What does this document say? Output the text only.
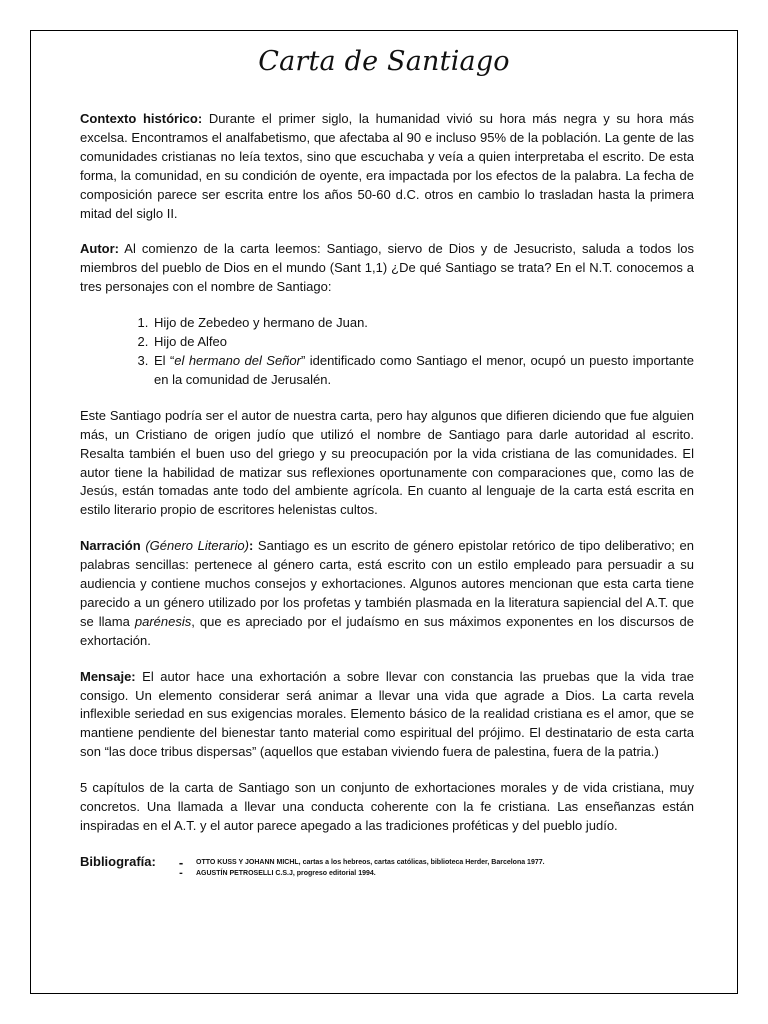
Carta de Santiago

Contexto histórico: Durante el primer siglo, la humanidad vivió su hora más negra y su hora más excelsa. Encontramos el analfabetismo, que afectaba al 90 e incluso 95% de la población. La gente de las comunidades cristianas no leía textos, sino que escuchaba y veía a quien interpretaba el escrito. De esta forma, la comunidad, en su condición de oyente, era impactada por los efectos de la palabra. La fecha de composición parece ser escrita entre los años 50-60 d.C. otros en cambio lo trasladan hasta la primera mitad del siglo II.

Autor: Al comienzo de la carta leemos: Santiago, siervo de Dios y de Jesucristo, saluda a todos los miembros del pueblo de Dios en el mundo (Sant 1,1) ¿De qué Santiago se trata? En el N.T. conocemos a tres personajes con el nombre de Santiago:

1. Hijo de Zebedeo y hermano de Juan.
2. Hijo de Alfeo
3. El “el hermano del Señor” identificado como Santiago el menor, ocupó un puesto importante en la comunidad de Jerusalén.

Este Santiago podría ser el autor de nuestra carta, pero hay algunos que difieren diciendo que fue alguien más, un Cristiano de origen judío que utilizó el nombre de Santiago para darle autoridad al escrito. Resalta también el buen uso del griego y su preocupación por la vida cristiana de las comunidades. El autor tiene la habilidad de matizar sus reflexiones oportunamente con comparaciones que, como las de Jesús, están tomadas ante todo del ambiente agrícola. En cuanto al lenguaje de la carta está escrita en estilo literario propio de escritores helenistas cultos.

Narración (Género Literario): Santiago es un escrito de género epistolar retórico de tipo deliberativo; en palabras sencillas: pertenece al género carta, está escrito con un estilo empleado para persuadir a su audiencia y contiene muchos consejos y exhortaciones. Algunos autores mencionan que esta carta tiene parecido a un género utilizado por los profetas y también plasmada en la literatura sapiencial del A.T. que se llama parénesis, que es apreciado por el judaísmo en sus máximos exponentes en los discursos de exhortación.

Mensaje: El autor hace una exhortación a sobre llevar con constancia las pruebas que la vida trae consigo. Un elemento considerar será animar a llevar una vida que agrade a Dios. La carta revela inflexible seriedad en sus exigencias morales. Elemento básico de la realidad cristiana es el amor, que se mantiene pendiente del bienestar tanto material como espiritual del prójimo. El destinatario de esta carta son “las doce tribus dispersas” (aquellos que estaban viviendo fuera de palestina, fuera de la patria.)

5 capítulos de la carta de Santiago son un conjunto de exhortaciones morales y de vida cristiana, muy concretos. Una llamada a llevar una conducta coherente con la fe cristiana. Las enseñanzas están inspiradas en el A.T. y el autor parece apegado a las tradiciones proféticas y del pueblo judío.

Bibliografía:	-	OTTO KUSS Y JOHANN MICHL, cartas a los hebreos, cartas católicas, biblioteca Herder, Barcelona 1977.
-	AGUSTÍN PETROSELLI C.S.J, progreso editorial 1994.
